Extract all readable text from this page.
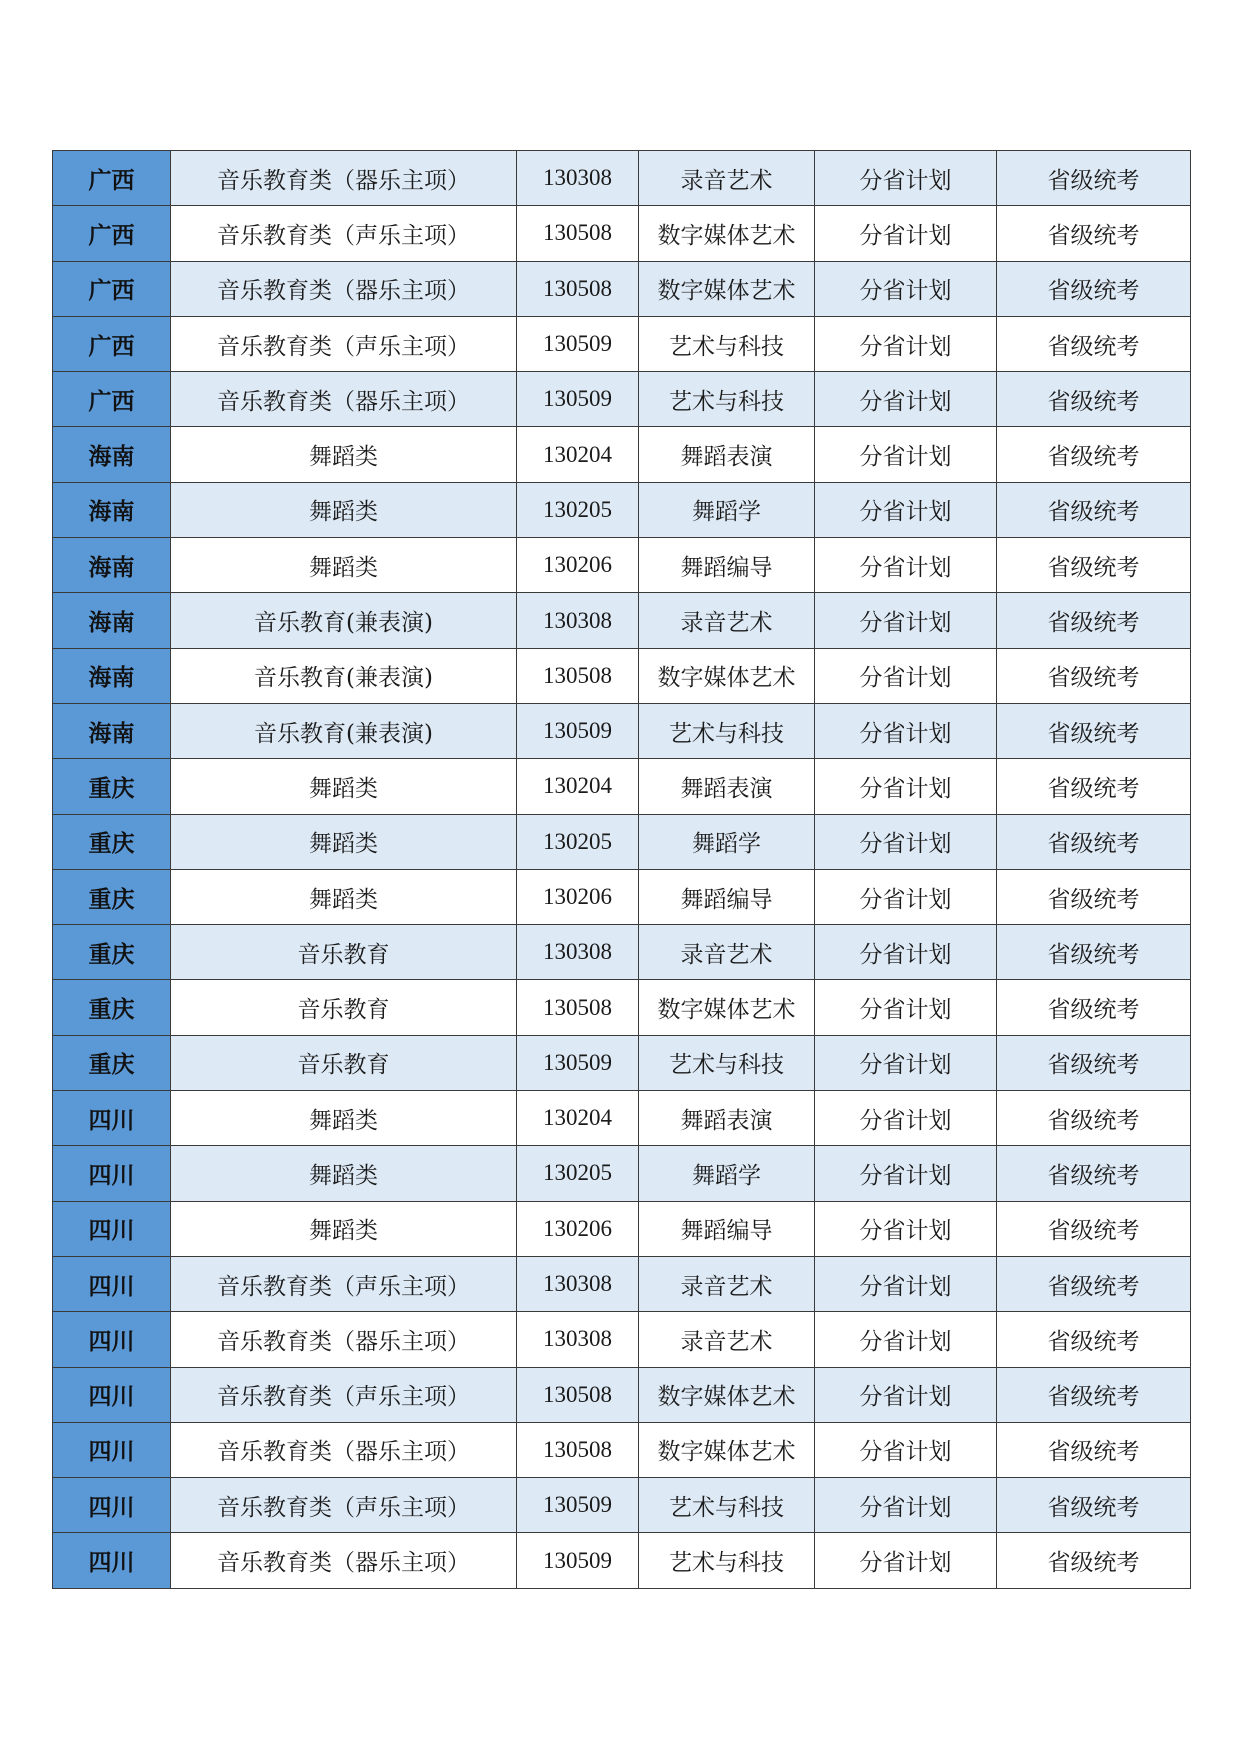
广西	音乐教育类（器乐主项）	130308	录音艺术	分省计划	省级统考
广西	音乐教育类（声乐主项）	130508	数字媒体艺术	分省计划	省级统考
广西	音乐教育类（器乐主项）	130508	数字媒体艺术	分省计划	省级统考
广西	音乐教育类（声乐主项）	130509	艺术与科技	分省计划	省级统考
广西	音乐教育类（器乐主项）	130509	艺术与科技	分省计划	省级统考
海南	舞蹈类	130204	舞蹈表演	分省计划	省级统考
海南	舞蹈类	130205	舞蹈学	分省计划	省级统考
海南	舞蹈类	130206	舞蹈编导	分省计划	省级统考
海南	音乐教育(兼表演)	130308	录音艺术	分省计划	省级统考
海南	音乐教育(兼表演)	130508	数字媒体艺术	分省计划	省级统考
海南	音乐教育(兼表演)	130509	艺术与科技	分省计划	省级统考
重庆	舞蹈类	130204	舞蹈表演	分省计划	省级统考
重庆	舞蹈类	130205	舞蹈学	分省计划	省级统考
重庆	舞蹈类	130206	舞蹈编导	分省计划	省级统考
重庆	音乐教育	130308	录音艺术	分省计划	省级统考
重庆	音乐教育	130508	数字媒体艺术	分省计划	省级统考
重庆	音乐教育	130509	艺术与科技	分省计划	省级统考
四川	舞蹈类	130204	舞蹈表演	分省计划	省级统考
四川	舞蹈类	130205	舞蹈学	分省计划	省级统考
四川	舞蹈类	130206	舞蹈编导	分省计划	省级统考
四川	音乐教育类（声乐主项）	130308	录音艺术	分省计划	省级统考
四川	音乐教育类（器乐主项）	130308	录音艺术	分省计划	省级统考
四川	音乐教育类（声乐主项）	130508	数字媒体艺术	分省计划	省级统考
四川	音乐教育类（器乐主项）	130508	数字媒体艺术	分省计划	省级统考
四川	音乐教育类（声乐主项）	130509	艺术与科技	分省计划	省级统考
四川	音乐教育类（器乐主项）	130509	艺术与科技	分省计划	省级统考
